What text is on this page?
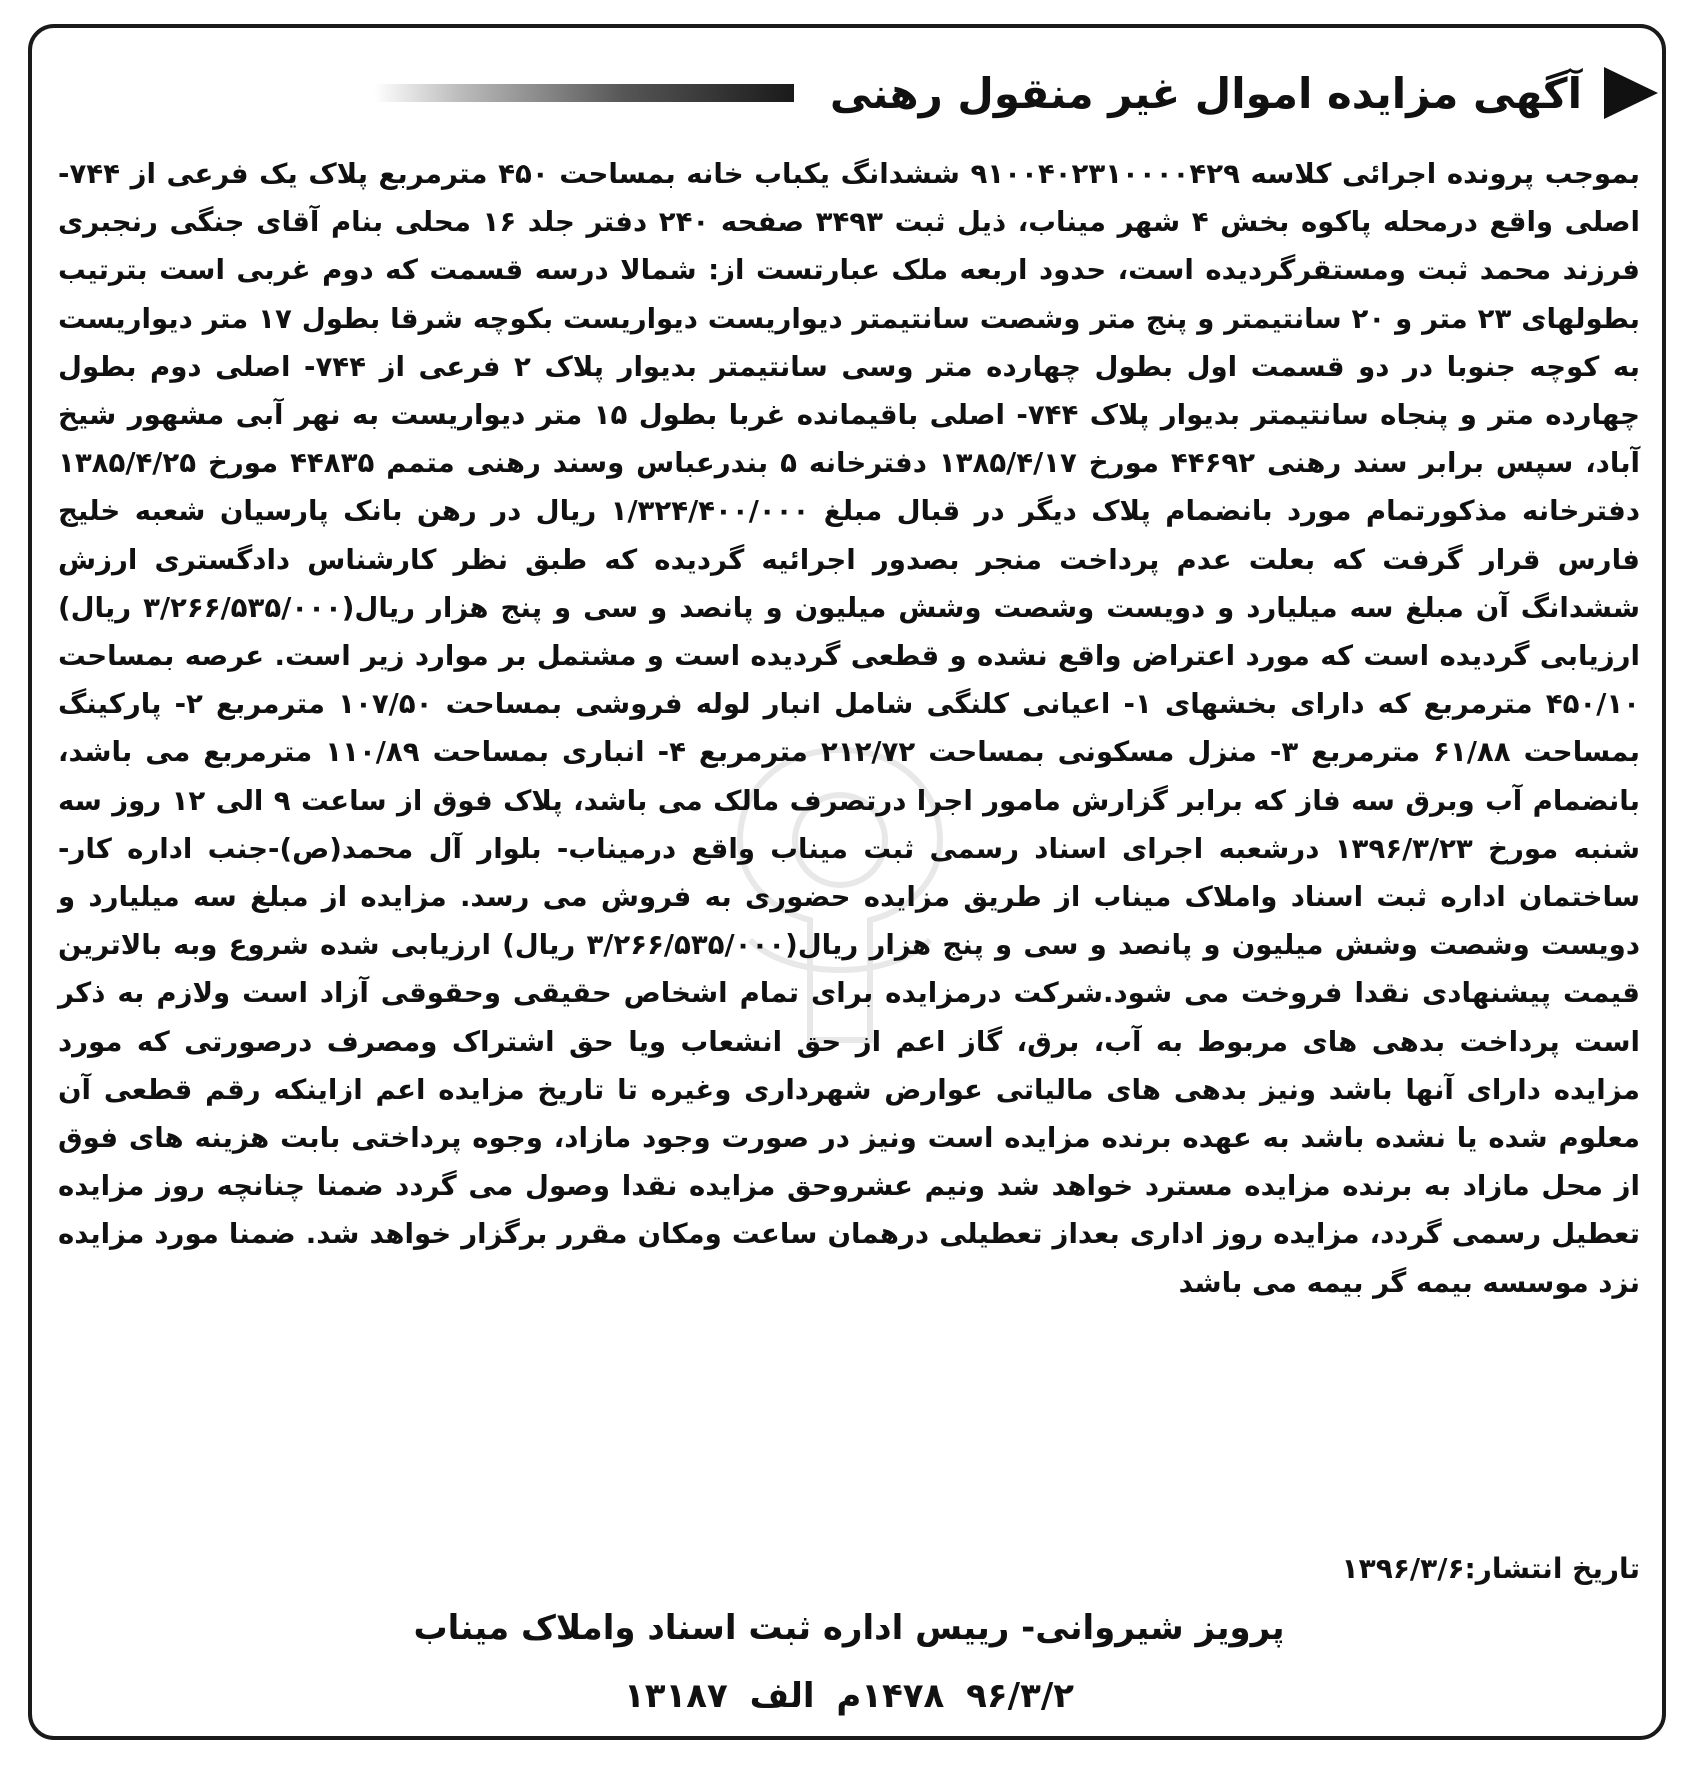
آگهی مزایده اموال غیر منقول رهنی
بموجب پرونده اجرائی کلاسه ۹۱۰۰۴۰۲۳۱۰۰۰۰۴۲۹ ششدانگ یکباب خانه بمساحت ۴۵۰ مترمربع پلاک یک فرعی از ۷۴۴- اصلی واقع درمحله پاکوه بخش ۴ شهر میناب، ذیل ثبت ۳۴۹۳ صفحه ۲۴۰ دفتر جلد ۱۶ محلی بنام آقای جنگی رنجبری فرزند محمد ثبت ومستقرگردیده است، حدود اربعه ملک عبارتست از: شمالا درسه قسمت که دوم غربی است بترتیب بطولهای ۲۳ متر و ۲۰ سانتیمتر و پنج متر وشصت سانتیمتر دیواریست دیواریست بکوچه شرقا بطول ۱۷ متر دیواریست به کوچه جنوبا در دو قسمت اول بطول چهارده متر وسی سانتیمتر بدیوار پلاک ۲ فرعی از ۷۴۴- اصلی دوم بطول چهارده متر و پنجاه سانتیمتر بدیوار پلاک ۷۴۴- اصلی باقیمانده غربا بطول ۱۵ متر دیواریست به نهر آبی مشهور شیخ آباد، سپس برابر سند رهنی ۴۴۶۹۲ مورخ ۱۳۸۵/۴/۱۷ دفترخانه ۵ بندرعباس وسند رهنی متمم ۴۴۸۳۵ مورخ ۱۳۸۵/۴/۲۵ دفترخانه مذکورتمام مورد بانضمام پلاک دیگر در قبال مبلغ ۱/۳۲۴/۴۰۰/۰۰۰ ریال در رهن بانک پارسیان شعبه خلیج فارس قرار گرفت که بعلت عدم پرداخت منجر بصدور اجرائیه گردیده که طبق نظر کارشناس دادگستری ارزش ششدانگ آن مبلغ سه میلیارد و دویست وشصت وشش میلیون و پانصد و سی و پنج هزار ریال(۳/۲۶۶/۵۳۵/۰۰۰ ریال) ارزیابی گردیده است که مورد اعتراض واقع نشده و قطعی گردیده است و مشتمل بر موارد زیر است. عرصه بمساحت ۴۵۰/۱۰ مترمربع که دارای بخشهای ۱- اعیانی کلنگی شامل انبار لوله فروشی بمساحت ۱۰۷/۵۰ مترمربع ۲- پارکینگ بمساحت ۶۱/۸۸ مترمربع ۳- منزل مسکونی بمساحت ۲۱۲/۷۲ مترمربع ۴- انباری بمساحت ۱۱۰/۸۹ مترمربع می باشد، بانضمام آب وبرق سه فاز که برابر گزارش مامور اجرا درتصرف مالک می باشد، پلاک فوق از ساعت ۹ الی ۱۲ روز سه شنبه مورخ ۱۳۹۶/۳/۲۳ درشعبه اجرای اسناد رسمی ثبت میناب واقع درمیناب- بلوار آل محمد(ص)-جنب اداره کار- ساختمان اداره ثبت اسناد واملاک میناب از طریق مزایده حضوری به فروش می رسد. مزایده از مبلغ سه میلیارد و دویست وشصت وشش میلیون و پانصد و سی و پنج هزار ریال(۳/۲۶۶/۵۳۵/۰۰۰ ریال) ارزیابی شده شروع وبه بالاترین قیمت پیشنهادی نقدا فروخت می شود.شرکت درمزایده برای تمام اشخاص حقیقی وحقوقی آزاد است ولازم به ذکر است پرداخت بدهی های مربوط به آب، برق، گاز اعم از حق انشعاب ویا حق اشتراک ومصرف درصورتی که مورد مزایده دارای آنها باشد ونیز بدهی های مالیاتی عوارض شهرداری وغیره تا تاریخ مزایده اعم ازاینکه رقم قطعی آن معلوم شده یا نشده باشد به عهده برنده مزایده است ونیز در صورت وجود مازاد، وجوه پرداختی بابت هزینه های فوق از محل مازاد به برنده مزایده مسترد خواهد شد ونیم عشروحق مزایده نقدا وصول می گردد ضمنا چنانچه روز مزایده تعطیل رسمی گردد، مزایده روز اداری بعداز تعطیلی درهمان ساعت ومکان مقرر برگزار خواهد شد. ضمنا مورد مزایده نزد موسسه بیمه گر بیمه می باشد
تاریخ انتشار:۱۳۹۶/۳/۶
پرویز شیروانی- رییس اداره ثبت اسناد واملاک میناب
۹۶/۳/۲ ۱۴۷۸م الف ۱۳۱۸۷
